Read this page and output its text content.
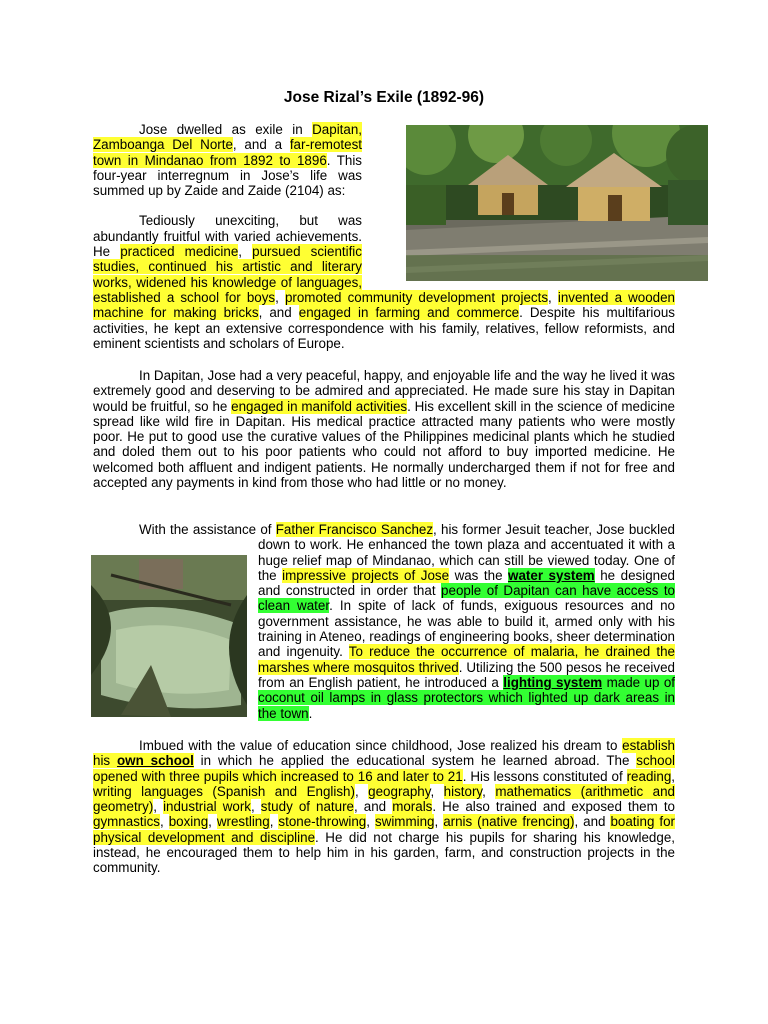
Jose Rizal’s Exile (1892-96)
Jose dwelled as exile in Dapitan, Zamboanga Del Norte, and a far-remotest town in Mindanao from 1892 to 1896. This four-year interregnum in Jose’s life was summed up by Zaide and Zaide (2104) as:
Tediously unexciting, but was abundantly fruitful with varied achievements. He practiced medicine, pursued scientific studies, continued his artistic and literary works, widened his knowledge of languages, established a school for boys, promoted community development projects, invented a wooden machine for making bricks, and engaged in farming and commerce. Despite his multifarious activities, he kept an extensive correspondence with his family, relatives, fellow reformists, and eminent scientists and scholars of Europe.
In Dapitan, Jose had a very peaceful, happy, and enjoyable life and the way he lived it was extremely good and deserving to be admired and appreciated. He made sure his stay in Dapitan would be fruitful, so he engaged in manifold activities. His excellent skill in the science of medicine spread like wild fire in Dapitan. His medical practice attracted many patients who were mostly poor. He put to good use the curative values of the Philippines medicinal plants which he studied and doled them out to his poor patients who could not afford to buy imported medicine. He welcomed both affluent and indigent patients. He normally undercharged them if not for free and accepted any payments in kind from those who had little or no money.
With the assistance of Father Francisco Sanchez, his former Jesuit teacher, Jose buckled down to work. He enhanced the town plaza and accentuated it with a huge relief map of Mindanao, which can still be viewed today. One of the impressive projects of Jose was the water system he designed and constructed in order that people of Dapitan can have access to clean water. In spite of lack of funds, exiguous resources and no government assistance, he was able to build it, armed only with his training in Ateneo, readings of engineering books, sheer determination and ingenuity. To reduce the occurrence of malaria, he drained the marshes where mosquitos thrived. Utilizing the 500 pesos he received from an English patient, he introduced a lighting system made up of coconut oil lamps in glass protectors which lighted up dark areas in the town.
Imbued with the value of education since childhood, Jose realized his dream to establish his own school in which he applied the educational system he learned abroad. The school opened with three pupils which increased to 16 and later to 21. His lessons constituted of reading, writing languages (Spanish and English), geography, history, mathematics (arithmetic and geometry), industrial work, study of nature, and morals. He also trained and exposed them to gymnastics, boxing, wrestling, stone-throwing, swimming, arnis (native frencing), and boating for physical development and discipline. He did not charge his pupils for sharing his knowledge, instead, he encouraged them to help him in his garden, farm, and construction projects in the community.
